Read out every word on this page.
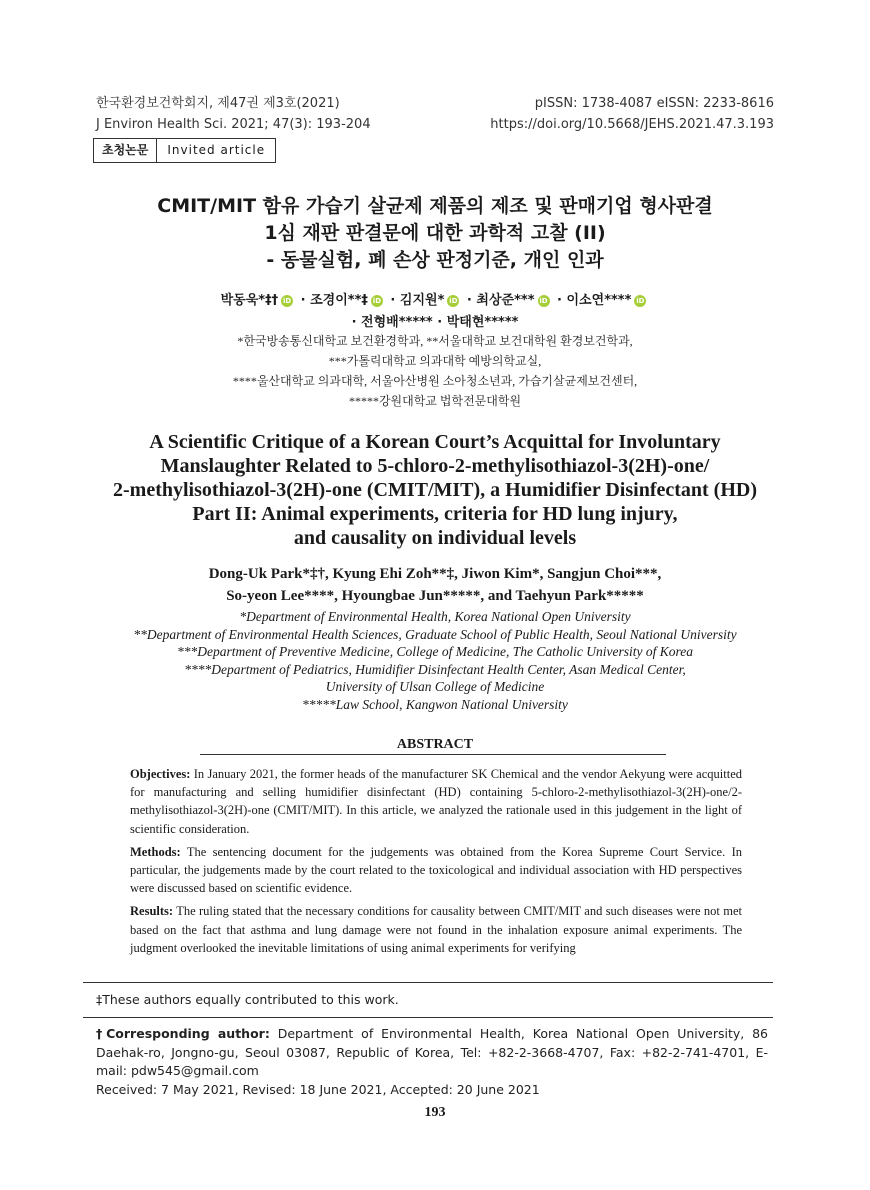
한국환경보건학회지, 제47권 제3호(2021)
J Environ Health Sci. 2021; 47(3): 193-204
pISSN: 1738-4087 eISSN: 2233-8616
https://doi.org/10.5668/JEHS.2021.47.3.193
초청논문	Invited article
CMIT/MIT 함유 가습기 살균제 제품의 제조 및 판매기업 형사판결
1심 재판 판결문에 대한 과학적 고찰 (II)
- 동물실험, 폐 손상 판정기준, 개인 인과
박동욱*‡† iD · 조경이**‡ iD · 김지원* iD · 최상준*** iD · 이소연**** iD
· 전형배***** · 박태현*****
*한국방송통신대학교 보건환경학과, **서울대학교 보건대학원 환경보건학과,
***가톨릭대학교 의과대학 예방의학교실,
****울산대학교 의과대학, 서울아산병원 소아청소년과, 가습기살균제보건센터,
*****강원대학교 법학전문대학원
A Scientific Critique of a Korean Court’s Acquittal for Involuntary
Manslaughter Related to 5-chloro-2-methylisothiazol-3(2H)-one/
2-methylisothiazol-3(2H)-one (CMIT/MIT), a Humidifier Disinfectant (HD)
Part II: Animal experiments, criteria for HD lung injury,
and causality on individual levels
Dong-Uk Park*‡†, Kyung Ehi Zoh**‡, Jiwon Kim*, Sangjun Choi***,
So-yeon Lee****, Hyoungbae Jun*****, and Taehyun Park*****
*Department of Environmental Health, Korea National Open University
**Department of Environmental Health Sciences, Graduate School of Public Health, Seoul National University
***Department of Preventive Medicine, College of Medicine, The Catholic University of Korea
****Department of Pediatrics, Humidifier Disinfectant Health Center, Asan Medical Center,
University of Ulsan College of Medicine
*****Law School, Kangwon National University
ABSTRACT

Objectives: In January 2021, the former heads of the manufacturer SK Chemical and the vendor Aekyung were acquitted for manufacturing and selling humidifier disinfectant (HD) containing 5-chloro-2-methylisothiazol-3(2H)-one/2-methylisothiazol-3(2H)-one (CMIT/MIT). In this article, we analyzed the rationale used in this judgement in the light of scientific consideration.

Methods: The sentencing document for the judgements was obtained from the Korea Supreme Court Service. In particular, the judgements made by the court related to the toxicological and individual association with HD perspectives were discussed based on scientific evidence.

Results: The ruling stated that the necessary conditions for causality between CMIT/MIT and such diseases were not met based on the fact that asthma and lung damage were not found in the inhalation exposure animal experiments. The judgment overlooked the inevitable limitations of using animal experiments for verifying

‡These authors equally contributed to this work.
†Corresponding author: Department of Environmental Health, Korea National Open University, 86 Daehak-ro, Jongno-gu, Seoul 03087, Republic of Korea, Tel: +82-2-3668-4707, Fax: +82-2-741-4701, E-mail: pdw545@gmail.com
Received: 7 May 2021, Revised: 18 June 2021, Accepted: 20 June 2021
193
